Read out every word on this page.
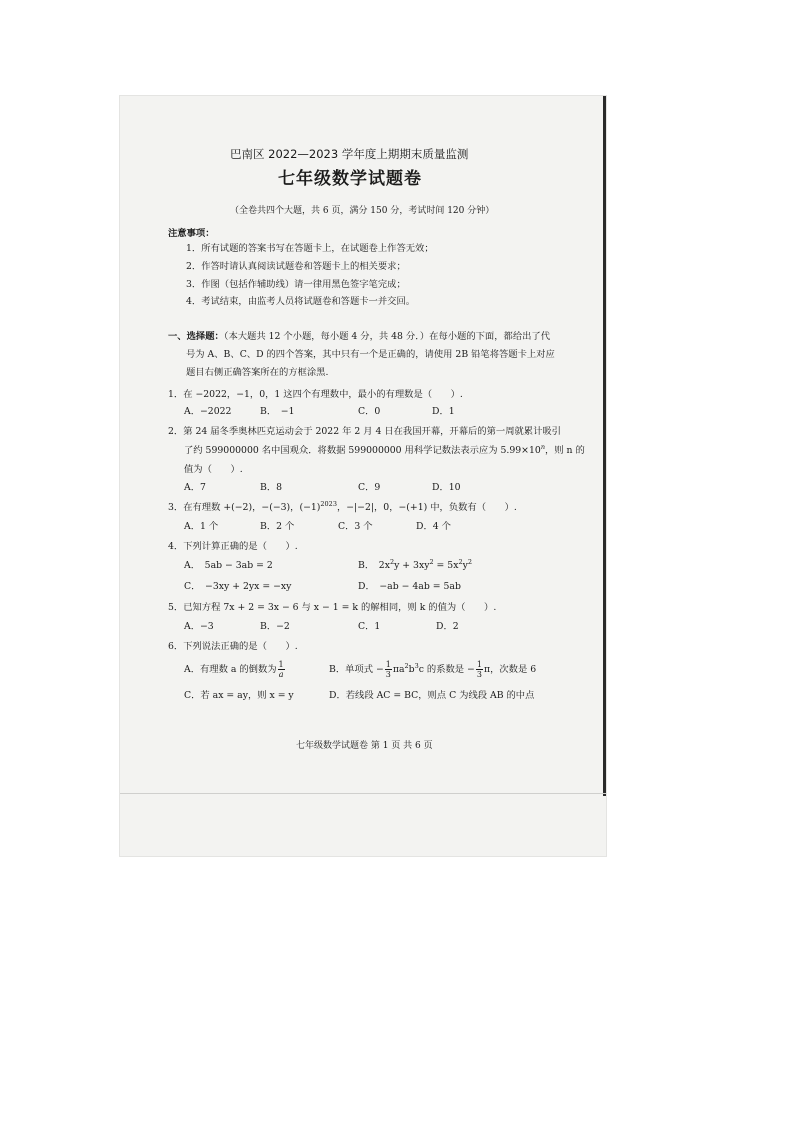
巴南区 2022—2023 学年度上期期末质量监测
七年级数学试题卷
（全卷共四个大题，共 6 页，满分 150 分，考试时间 120 分钟）
注意事项：
1．所有试题的答案书写在答题卡上，在试题卷上作答无效；
2．作答时请认真阅读试题卷和答题卡上的相关要求；
3．作图（包括作辅助线）请一律用黑色签字笔完成；
4．考试结束，由监考人员将试题卷和答题卡一并交回。
一、选择题：（本大题共 12 个小题，每小题 4 分，共 48 分．）在每小题的下面，都给出了代
号为 A、B、C、D 的四个答案，其中只有一个是正确的，请使用 2B 铅笔将答题卡上对应
题目右侧正确答案所在的方框涂黑.
1．在 −2022，−1，0，1 这四个有理数中，最小的有理数是（　　）.
A．−2022	B．　−1	C．0	D．1
2．第 24 届冬季奥林匹克运动会于 2022 年 2 月 4 日在我国开幕，开幕后的第一周就累计吸引
了约 599000000 名中国观众．将数据 599000000 用科学记数法表示应为 $5.99\times 10^n$，则 n 的
值为（　　）.
A．7	B．8	C．9	D．10
3．在有理数 +(−2)，−(−3)，$(-1)^{2023}$，−|−2|，0，−(+1) 中，负数有（　　）.
A．1 个	B．2 个	C．3 个	D．4 个
4．下列计算正确的是（　　）.
A．　5ab − 3ab = 2	B．　$2x^2y + 3xy^2 = 5x^2y^2$
C．　−3xy + 2yx = −xy	D．　−ab − 4ab = 5ab
5．已知方程 7x + 2 = 3x − 6 与 x − 1 = k 的解相同，则 k 的值为（　　）.
A．−3	B．−2	C．1	D．2
6．下列说法正确的是（　　）.
A．有理数 a 的倒数为 $\frac{1}{a}$	B．单项式 − $\frac{1}{3} \pi a^2b^3c$ 的系数是 − $\frac{1}{3}$ π，次数是 6
C．若 ax = ay，则 x = y	D．若线段 AC = BC，则点 C 为线段 AB 的中点
七年级数学试题卷 第 1 页 共 6 页
